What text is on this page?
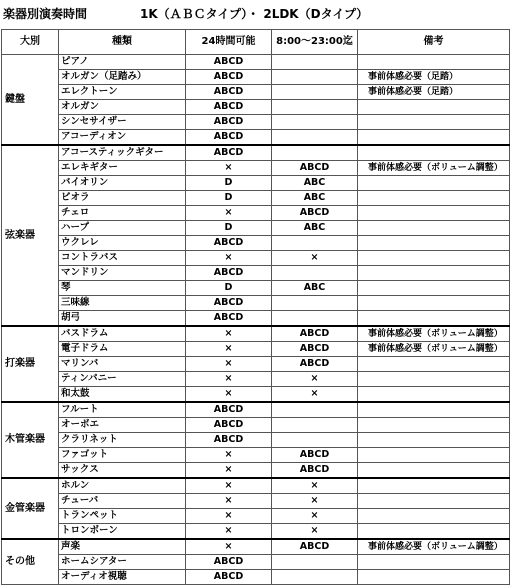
楽器別演奏時間	1K（ＡＢＣタイプ）・ 2LDK（Dタイプ）
大別	種類	24時間可能	8:00～23:00迄	備考
鍵盤	ピアノ	ABCD		
	オルガン（足踏み）	ABCD		事前体感必要（足踏）
	エレクトーン	ABCD		事前体感必要（足踏）
	オルガン	ABCD		
	シンセサイザー	ABCD		
	アコーディオン	ABCD		
弦楽器	アコースティックギター	ABCD		
	エレキギター	×	ABCD	事前体感必要（ボリューム調整）
	バイオリン	D	ABC	
	ビオラ	D	ABC	
	チェロ	×	ABCD	
	ハープ	D	ABC	
	ウクレレ	ABCD		
	コントラバス	×	×	
	マンドリン	ABCD		
	琴	D	ABC	
	三味線	ABCD		
	胡弓	ABCD		
打楽器	バスドラム	×	ABCD	事前体感必要（ボリューム調整）
	電子ドラム	×	ABCD	事前体感必要（ボリューム調整）
	マリンバ	×	ABCD	
	ティンパニー	×	×	
	和太鼓	×	×	
木管楽器	フルート	ABCD		
	オーボエ	ABCD		
	クラリネット	ABCD		
	ファゴット	×	ABCD	
	サックス	×	ABCD	
金管楽器	ホルン	×	×	
	チューバ	×	×	
	トランペット	×	×	
	トロンボーン	×	×	
その他	声楽	×	ABCD	事前体感必要（ボリューム調整）
	ホームシアター	ABCD		
	オーディオ視聴	ABCD		
